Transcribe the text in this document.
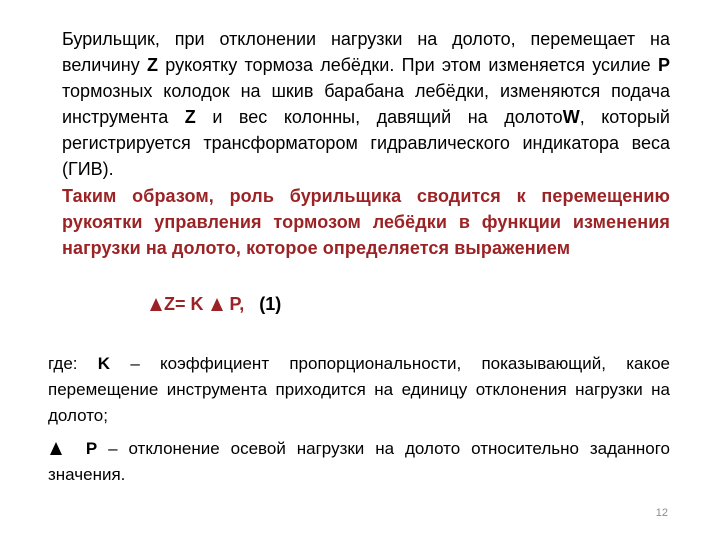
Бурильщик, при отклонении нагрузки на долото, перемещает на величину Z рукоятку тормоза лебёдки. При этом изменяется усилие P тормозных колодок на шкив барабана лебёдки, изменяются подача инструмента Z и вес колонны, давящий на долотоW, который регистрируется трансформатором гидравлического индикатора веса (ГИВ).
Таким образом, роль бурильщика сводится к перемещению рукоятки управления тормозом лебёдки в функции изменения нагрузки на долото, которое определяется выражением
Z= K P, (1)
где: K – коэффициент пропорциональности, показывающий, какое перемещение инструмента приходится на единицу отклонения нагрузки на долото;
P – отклонение осевой нагрузки на долото относительно заданного значения.
12
